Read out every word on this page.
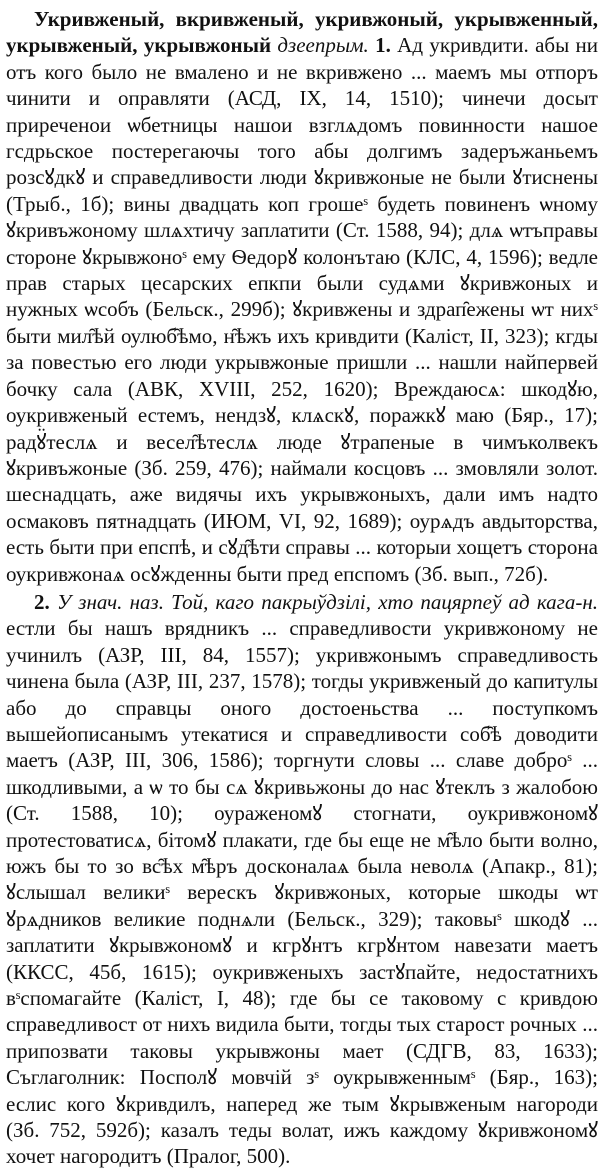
Укривженый, вкривженый, укривжоный, укрывженный, укрывженый, укрывжоный дзеепрым. 1. Ад укривдити. абы ни отъ кого было не вмалено и не вкривжено ... маемъ мы отпоръ чинити и оправляти (АСД, IX, 14, 1510); чинечи досыт приреченои ѡбетницы нашои взглѧдомъ повинности нашое гсдрьское постерегаючы того абы долгимъ задеръжаньемъ розсꙋдкꙋ и справедливости люди ꙋкривжоные не были ꙋтиснены (Трыб., 1б); вины двадцать коп грошеˢ будеть повиненъ ѡному ꙋкривъжоному шлѧхтичу заплатити (Ст. 1588, 94); длѧ ѡтъправы стороне ꙋкрывжоноˢ ему Ѳедорꙋ колонътаю (КЛС, 4, 1596); ведле прав старых цесарских епкпи были судѧми ꙋкривжоных и нужных ѡсобъ (Бельск., 299б); ꙋкривжены и здрап̑ежены ѡт нихˢ быти мил̑ѣй оулюб̑ѣмо, н̑ѣжъ ихъ кривдити (Каліст, II, 323); кгды за повестью его люди укрывжоные пришли ... нашли найпервей бочку сала (АВК, XVIII, 252, 1620); Вреждаюсѧ: шкодꙋю, оукривженый естемъ, нендзꙋ, клѧскꙋ, поражкꙋ маю (Бяр., 17); радꙋ̈теслѧ и весел̑ѣтеслѧ люде ꙋтрапеные в чимъколвекъ ꙋкривъжоные (Зб. 259, 476); наймали косцовъ ... змовляли золот. шеснадцать, аже видячы ихъ укрывжоныхъ, дали имъ надто осмаковъ пятнадцать (ИЮМ, VI, 92, 1689); оурѧдъ авдыторства, есть быти при епспѣ, и сꙋд̑ѣти справы ... которыи хощетъ сторона оукривжонаѧ осꙋжденны быти пред епспомъ (Зб. вып., 72б).

2. У знач. наз. Той, каго пакрыўдзілі, хто пацярпеў ад кага-н. естли бы нашъ врядникъ ... справедливости укривжоному не учинилъ (АЗР, III, 84, 1557); укривжонымъ справедливость чинена была (АЗР, III, 237, 1578); тогды укривженый до капитулы або до справцы оного достоеньства ... поступкомъ вышейописанымъ утекатися и справедливости соб̑ѣ доводити маетъ (АЗР, III, 306, 1586); торгнути словы ... славе доброˢ ... шкодливыми, а ѡ то бы сѧ ꙋкривьжоны до нас ꙋтеклъ з жалобою (Ст. 1588, 10); оураженомꙋ стогнати, оукривжономꙋ протестоватисѧ, бітомꙋ плакати, где бы еще не м̑ѣло быти волно, южъ бы то зо вс̑ѣх м̑ѣръ досконалаѧ была неволѧ (Апакр., 81); ꙋслышал великиˢ верескъ ꙋкривжоных, которые шкоды ѡт ꙋрѧдников великие поднѧли (Бельск., 329); таковыˢ шкодꙋ ... заплатити ꙋкрывжономꙋ и кгрꙋнтъ кгрꙋнтом навезати маетъ (ККСС, 45б, 1615); оукривженыхъ застꙋпайте, недостатнихъ вˢспомагайте (Каліст, I, 48); где бы се таковому с кривдою справедливост от нихъ видила быти, тогды тых старост рочных ... припозвати таковы укрывжоны мает (СДГВ, 83, 1633); Съглаголник: Посполꙋ мовчій зˢ оукрывженнымˢ (Бяр., 163); еслис кого ꙋкривдилъ, наперед же тым ꙋкрывженым нагороди (Зб. 752, 592б); казалъ теды волат, ижъ каждому ꙋкривжономꙋ хочет нагородитъ (Пралог, 500).
